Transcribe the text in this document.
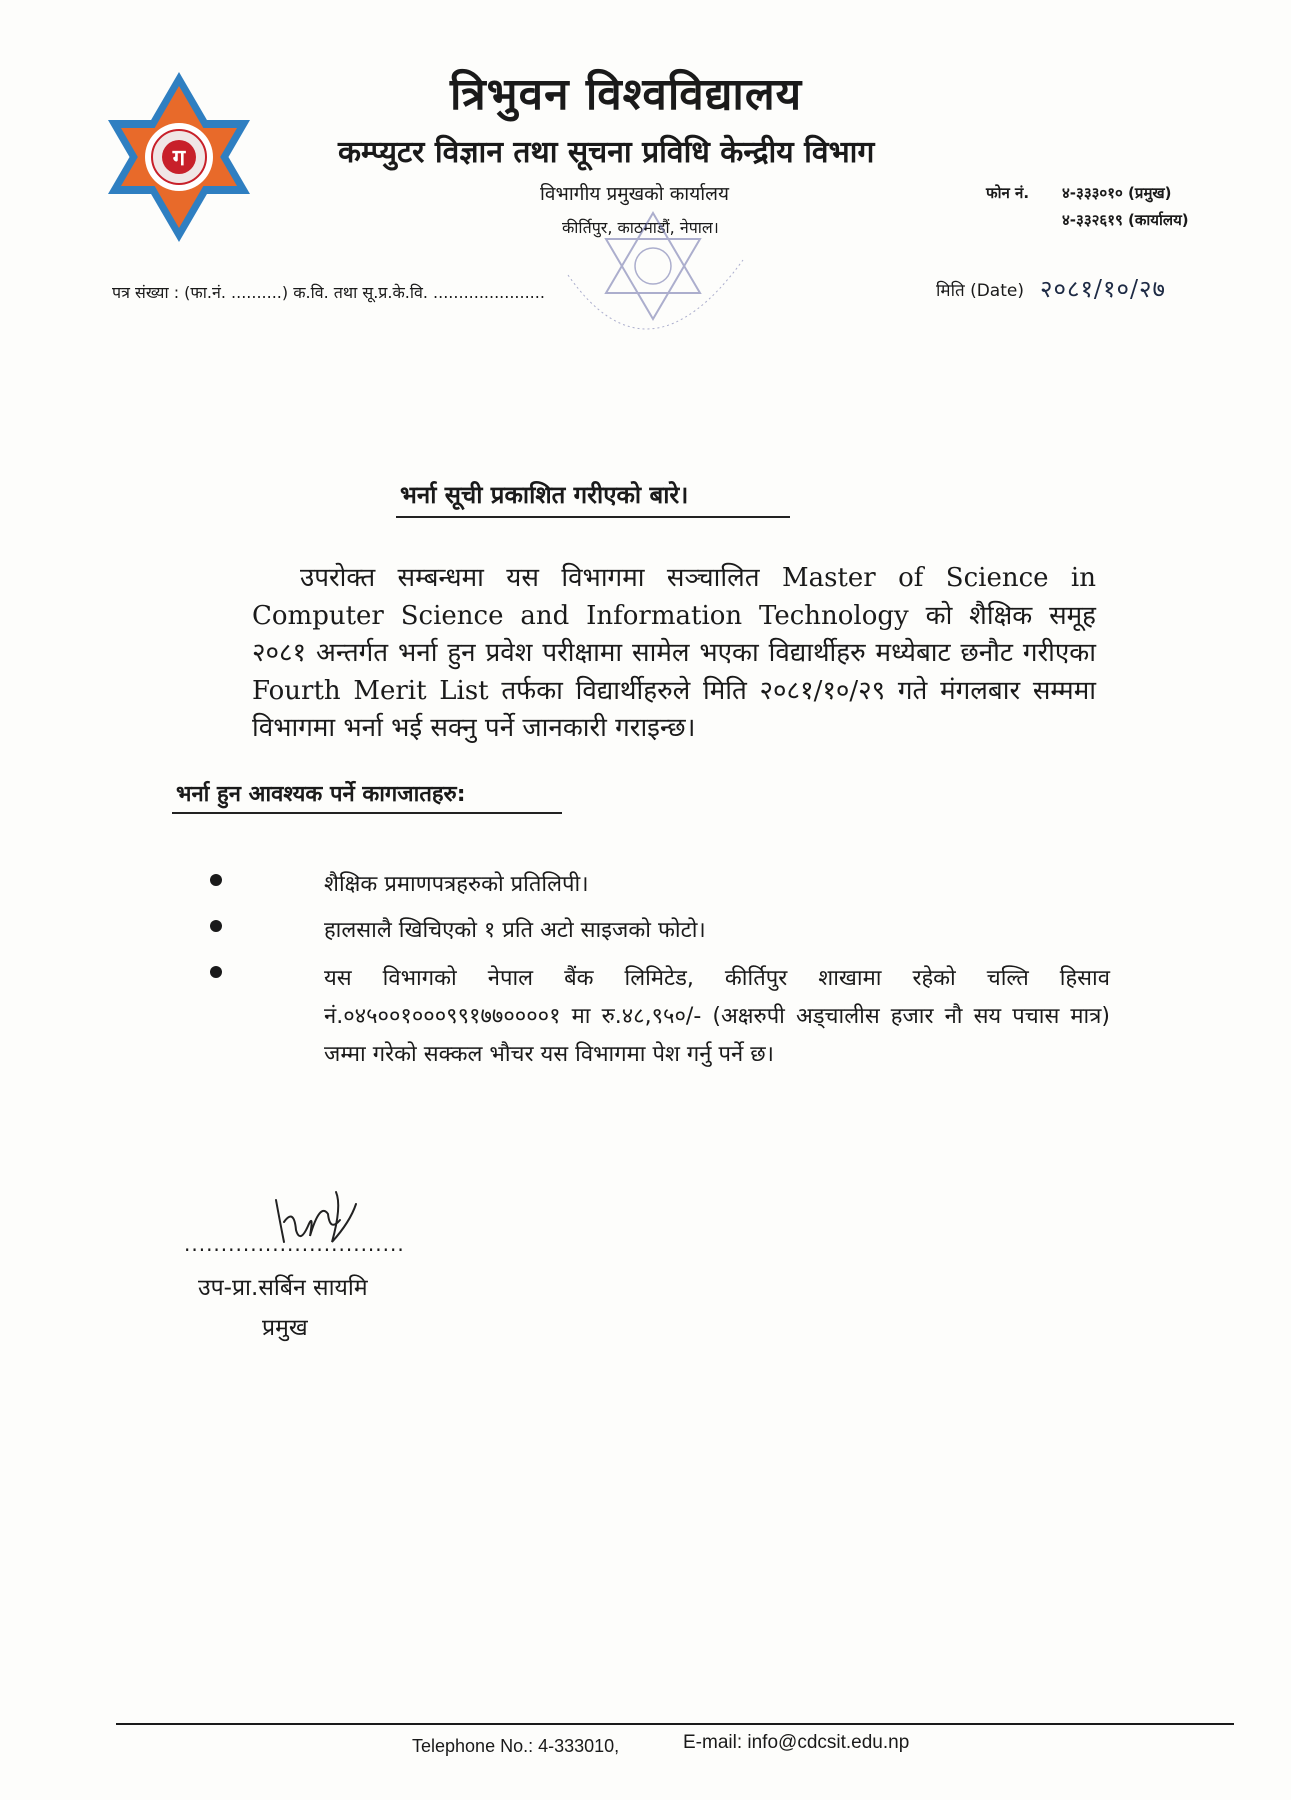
ग
त्रिभुवन विश्वविद्यालय
कम्प्युटर विज्ञान तथा सूचना प्रविधि केन्द्रीय विभाग
विभागीय प्रमुखको कार्यालय
कीर्तिपुर, काठमाडौं, नेपाल।
फोन नं. ४-३३३०१० (प्रमुख)
४-३३२६१९ (कार्यालय)
पत्र संख्या : (फा.नं. ..........) क.वि. तथा सू.प्र.के.वि. ......................	मिति (Date) २०८१/१०/२७
भर्ना सूची प्रकाशित गरीएको बारे।
उपरोक्त सम्बन्धमा यस विभागमा सञ्चालित Master of Science in Computer Science and Information Technology को शैक्षिक समूह २०८१ अन्तर्गत भर्ना हुन प्रवेश परीक्षामा सामेल भएका विद्यार्थीहरु मध्येबाट छनौट गरीएका Fourth Merit List तर्फका विद्यार्थीहरुले मिति २०८१/१०/२९ गते मंगलबार सम्ममा विभागमा भर्ना भई सक्नु पर्ने जानकारी गराइन्छ।
भर्ना हुन आवश्यक पर्ने कागजातहरु:
शैक्षिक प्रमाणपत्रहरुको प्रतिलिपी।
हालसालै खिचिएको १ प्रति अटो साइजको फोटो।
यस विभागको नेपाल बैंक लिमिटेड, कीर्तिपुर शाखामा रहेको चल्ति हिसाव नं.०४५००१०००९९१७७००००१ मा रु.४८,९५०/- (अक्षरुपी अड्चालीस हजार नौ सय पचास मात्र) जम्मा गरेको सक्कल भौचर यस विभागमा पेश गर्नु पर्ने छ।
..............................
उप-प्रा.सर्बिन सायमि
प्रमुख
Telephone No.: 4-333010,	E-mail: info@cdcsit.edu.np
